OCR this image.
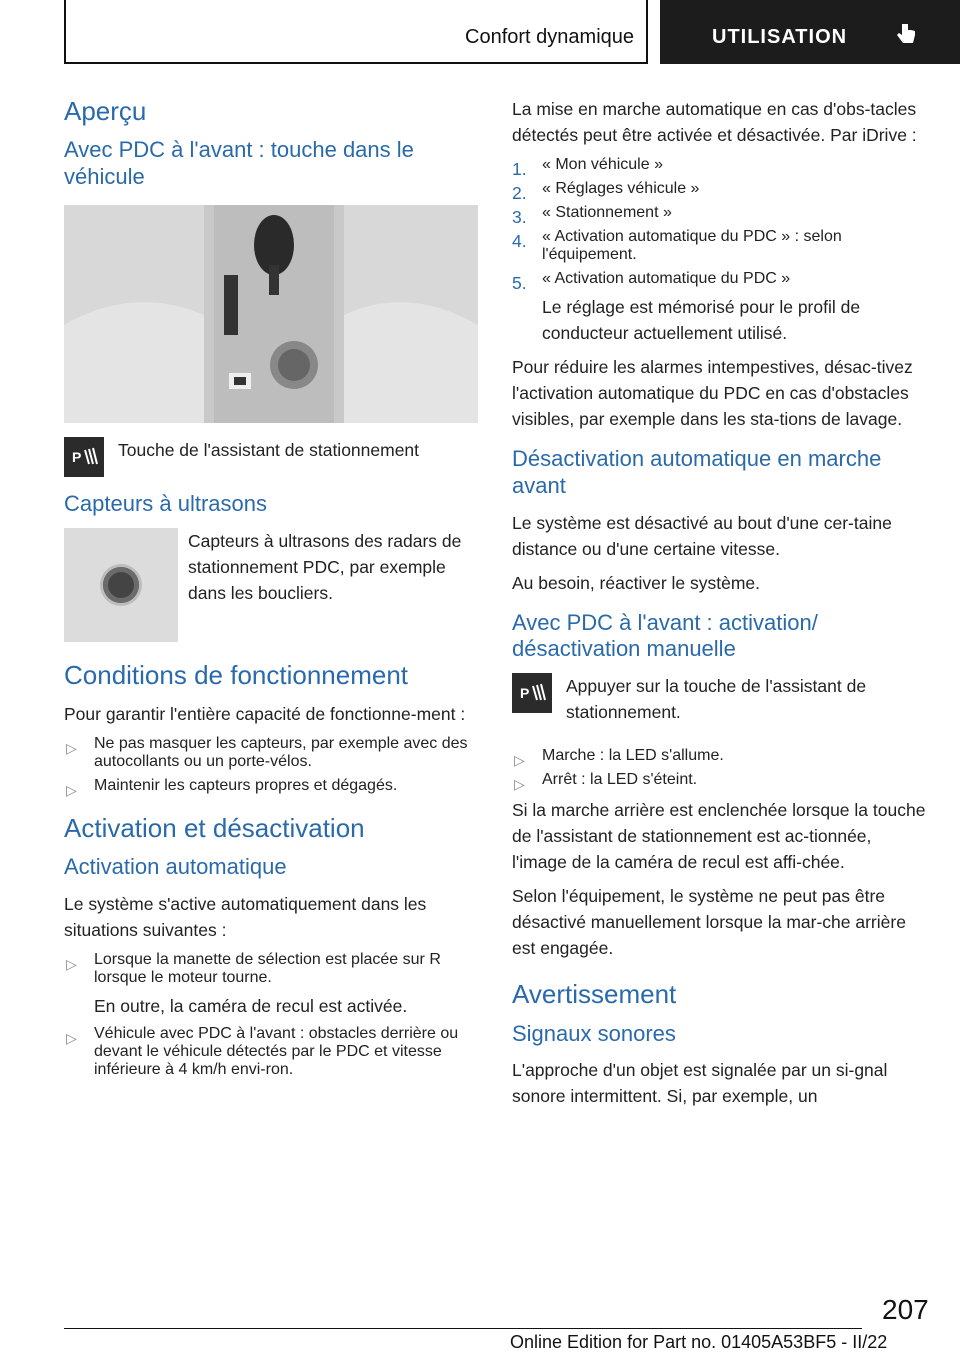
Confort dynamique	UTILISATION
Aperçu
Avec PDC à l'avant : touche dans le véhicule
P Touche de l'assistant de stationnement

Capteurs à ultrasons

Capteurs à ultrasons des radars de stationnement PDC, par exemple dans les boucliers.

Conditions de fonctionnement

Pour garantir l'entière capacité de fonctionne‐ment :

▷ Ne pas masquer les capteurs, par exemple avec des autocollants ou un porte-vélos.
▷ Maintenir les capteurs propres et dégagés.
Activation et désactivation
Activation automatique

Le système s'active automatiquement dans les situations suivantes :

▷ Lorsque la manette de sélection est placée sur R lorsque le moteur tourne.

En outre, la caméra de recul est activée.

▷ Véhicule avec PDC à l'avant : obstacles derrière ou devant le véhicule détectés par le PDC et vitesse inférieure à 4 km/h envi‐ron.

La mise en marche automatique en cas d'obs‐tacles détectés peut être activée et désactivée. Par iDrive :

1. « Mon véhicule »
2. « Réglages véhicule »
3. « Stationnement »
4. « Activation automatique du PDC » : selon l'équipement.
5. « Activation automatique du PDC »

Le réglage est mémorisé pour le profil de conducteur actuellement utilisé.

Pour réduire les alarmes intempestives, désac‐tivez l'activation automatique du PDC en cas d'obstacles visibles, par exemple dans les sta‐tions de lavage.

Désactivation automatique en marche avant

Le système est désactivé au bout d'une cer‐taine distance ou d'une certaine vitesse.

Au besoin, réactiver le système.

Avec PDC à l'avant : activation/ désactivation manuelle
P Appuyer sur la touche de l'assistant de stationnement.

▷ Marche : la LED s'allume.
▷ Arrêt : la LED s'éteint.

Si la marche arrière est enclenchée lorsque la touche de l'assistant de stationnement est ac‐tionnée, l'image de la caméra de recul est affi‐chée.

Selon l'équipement, le système ne peut pas être désactivé manuellement lorsque la mar‐che arrière est engagée.

Avertissement
Signaux sonores

L'approche d'un objet est signalée par un si‐gnal sonore intermittent. Si, par exemple, un

207
Online Edition for Part no. 01405A53BF5 - II/22
